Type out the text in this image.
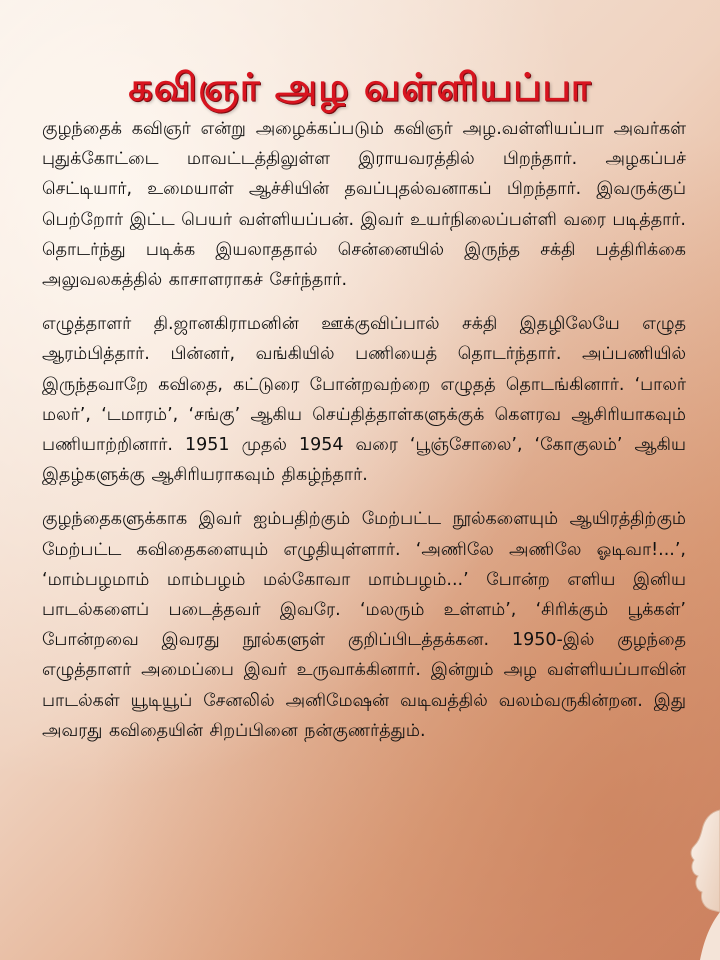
கவிஞர் அழ வள்ளியப்பா

குழந்தைக் கவிஞர் என்று அழைக்கப்படும் கவிஞர் அழ.வள்ளியப்பா அவர்கள் புதுக்கோட்டை மாவட்டத்திலுள்ள இராயவரத்தில் பிறந்தார். அழகப்பச் செட்டியார், உமையாள் ஆச்சியின் தவப்புதல்வனாகப் பிறந்தார். இவருக்குப் பெற்றோர் இட்ட பெயர் வள்ளியப்பன். இவர் உயர்நிலைப்பள்ளி வரை படித்தார். தொடர்ந்து படிக்க இயலாததால் சென்னையில் இருந்த சக்தி பத்திரிக்கை அலுவலகத்தில் காசாளராகச் சேர்ந்தார்.

எழுத்தாளர் தி.ஜானகிராமனின் ஊக்குவிப்பால் சக்தி இதழிலேயே எழுத ஆரம்பித்தார். பின்னர், வங்கியில் பணியைத் தொடர்ந்தார். அப்பணியில் இருந்தவாறே கவிதை, கட்டுரை போன்றவற்றை எழுதத் தொடங்கினார். ‘பாலர் மலர்’, ‘டமாரம்’, ‘சங்கு’ ஆகிய செய்தித்தாள்களுக்குக் கௌரவ ஆசிரியாகவும் பணியாற்றினார். 1951 முதல் 1954 வரை ‘பூஞ்சோலை’, ‘கோகுலம்’ ஆகிய இதழ்களுக்கு ஆசிரியராகவும் திகழ்ந்தார்.

குழந்தைகளுக்காக இவர் ஐம்பதிற்கும் மேற்பட்ட நூல்களையும் ஆயிரத்திற்கும் மேற்பட்ட கவிதைகளையும் எழுதியுள்ளார். ‘அணிலே அணிலே ஓடிவா!...’, ‘மாம்பழமாம் மாம்பழம் மல்கோவா மாம்பழம்...’ போன்ற எளிய இனிய பாடல்களைப் படைத்தவர் இவரே. ‘மலரும் உள்ளம்’, ‘சிரிக்கும் பூக்கள்’ போன்றவை இவரது நூல்களுள் குறிப்பிடத்தக்கன. 1950-இல் குழந்தை எழுத்தாளர் அமைப்பை இவர் உருவாக்கினார். இன்றும் அழ வள்ளியப்பாவின் பாடல்கள் யூடியூப் சேனலில் அனிமேஷன் வடிவத்தில் வலம்வருகின்றன. இது அவரது கவிதையின் சிறப்பினை நன்குணர்த்தும்.
